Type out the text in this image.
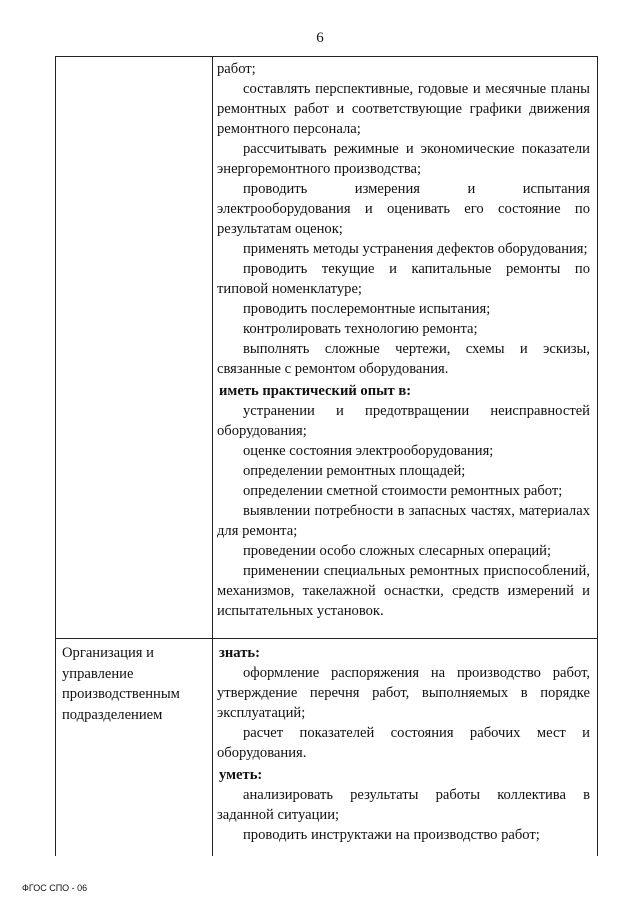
6

работ;

составлять перспективные, годовые и месячные планы ремонтных работ и соответствующие графики движения ремонтного персонала;

рассчитывать режимные и экономические показатели энергоремонтного производства;

проводить измерения и испытания электрооборудования и оценивать его состояние по результатам оценок;

применять методы устранения дефектов оборудования;

проводить текущие и капитальные ремонты по типовой номенклатуре;

проводить послеремонтные испытания;

контролировать технологию ремонта;

выполнять сложные чертежи, схемы и эскизы, связанные с ремонтом оборудования.

иметь практический опыт в:

устранении и предотвращении неисправностей оборудования;

оценке состояния электрооборудования;

определении ремонтных площадей;

определении сметной стоимости ремонтных работ;

выявлении потребности в запасных частях, материалах для ремонта;

проведении особо сложных слесарных операций;

применении специальных ремонтных приспособлений, механизмов, такелажной оснастки, средств измерений и испытательных установок.

Организация и управление производственным подразделением

знать:

оформление распоряжения на производство работ, утверждение перечня работ, выполняемых в порядке эксплуатаций;

расчет показателей состояния рабочих мест и оборудования.

уметь:

анализировать результаты работы коллектива в заданной ситуации;

проводить инструктажи на производство работ;

ФГОС СПО - 06
